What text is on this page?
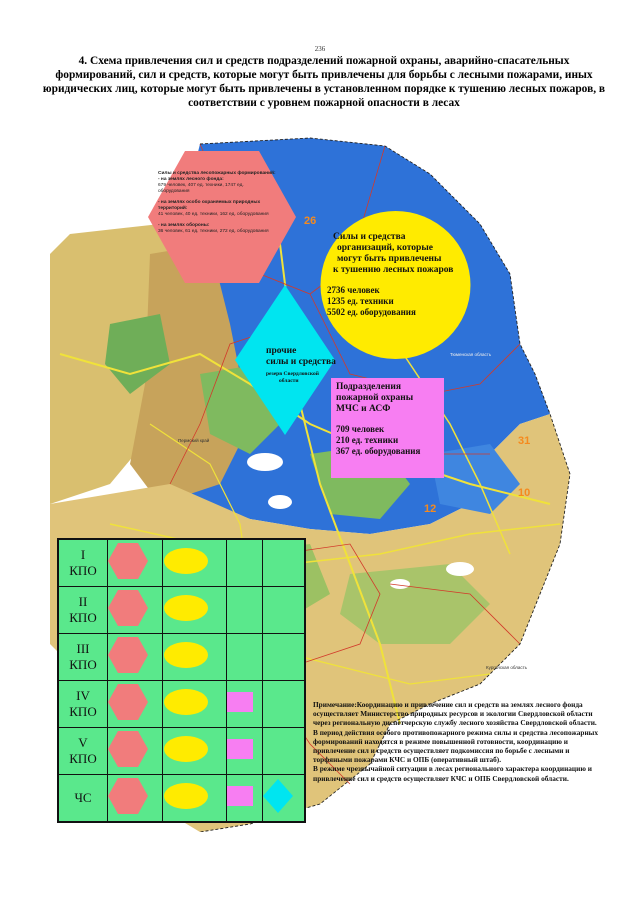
236
4. Схема привлечения сил и средств подразделений пожарной охраны, аварийно-спасательных формирований, сил и средств, которые могут быть привлечены для борьбы с лесными пожарами, иных юридических лиц, которые могут быть привлечены в установленном порядке к тушению лесных пожаров, в соответствии с уровнем пожарной опасности в лесах
26
31
10
12
Тюменская область
Пермский край
Курганская область
Силы и средства лесопожарных формирований:
- на землях лесного фонда:
679 человек, 407 ед. техники, 1747 ед. оборудования
- на землях особо охраняемых природных территорий:
41 человек, 40 ед. техники, 162 ед. оборудования
- на землях обороны:
36 человек, 61 ед. техники, 272 ед. оборудования
Силы и средства
организаций, которые
могут быть привлечены
к тушению лесных пожаров
2736 человек
1235 ед. техники
5502 ед. оборудования
прочие
силы и средства
резерв Свердловской
области
Подразделения
пожарной охраны
МЧС и АСФ
709 человек
210 ед. техники
367 ед. оборудования
I
КПО

II
КПО

III
КПО

IV
КПО

V
КПО

ЧС

Примечание:Координацию и привлечение сил и средств на землях лесного фонда осуществляет Министерство природных ресурсов и экологии Свердловской области через региональную диспетчерскую службу лесного хозяйства Свердловской области.
В период действия особого противопожарного режима силы и средства лесопожарных формирований находятся в режиме повышенной готовности, координацию и привлечение сил и средств осуществляет подкомиссия по борьбе с лесными и торфяными пожарами КЧС и ОПБ (оперативный штаб).
В режиме чрезвычайной ситуации в лесах регионального характера координацию и привлечение сил и средств осуществляет КЧС и ОПБ Свердловской области.
